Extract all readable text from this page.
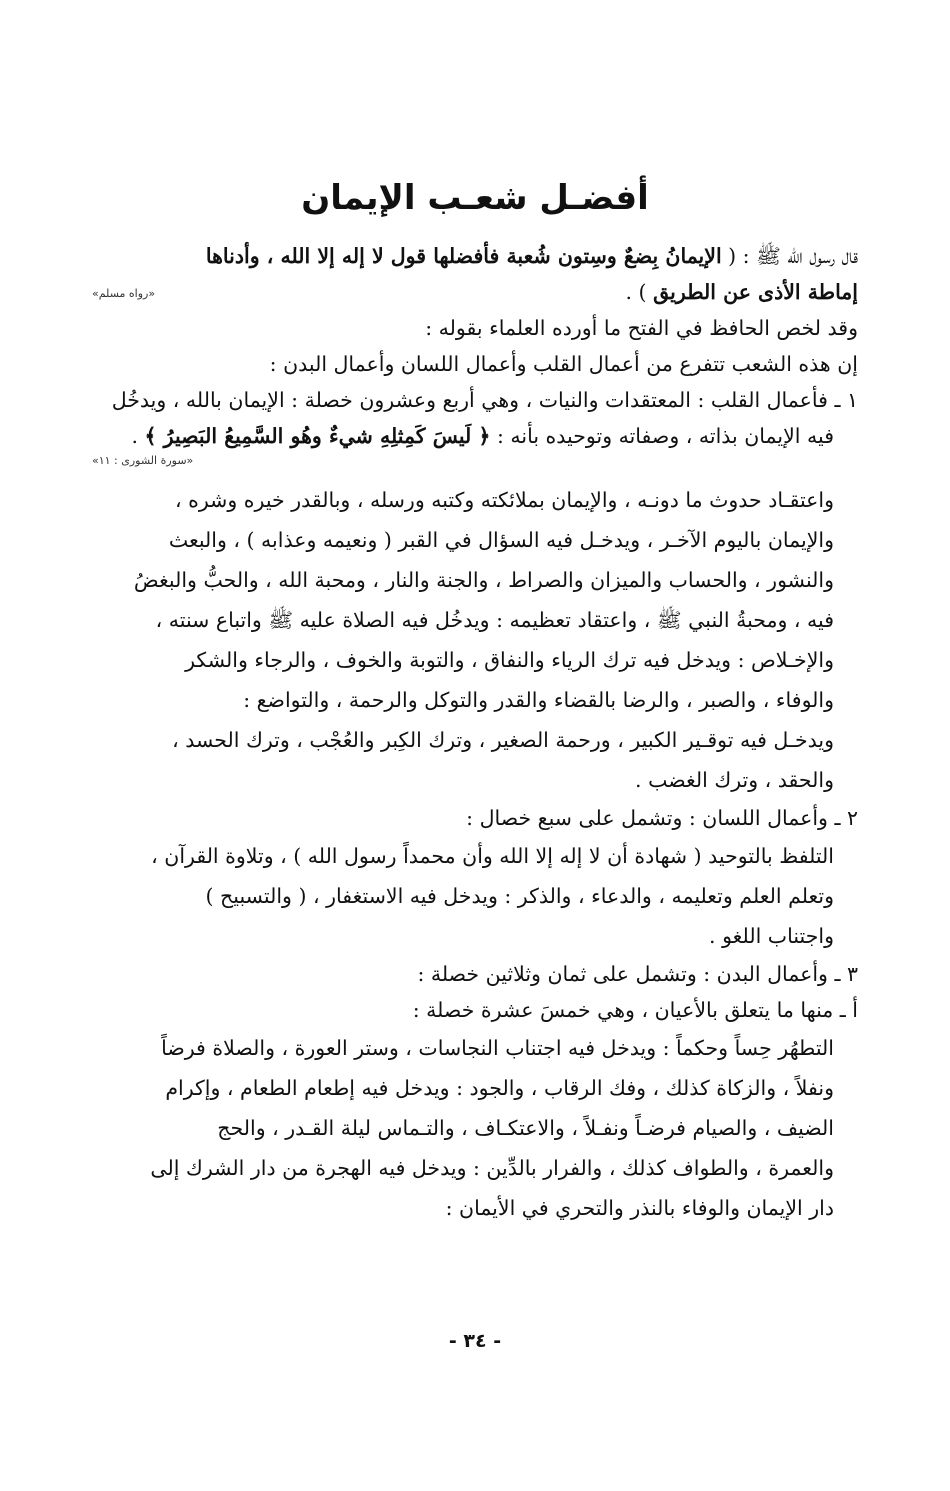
أفضـل شعـب الإيمان
قال رسول الله ﷺ : ( الإيمانُ بِضعٌ وسِتون شُعبة فأفضلها قول لا إله إلا الله ، وأدناها
إماطة الأذى عن الطريق ) .
«رواه مسلم»
وقد لخص الحافظ في الفتح ما أورده العلماء بقوله :
إن هذه الشعب تتفرع من أعمال القلب وأعمال اللسان وأعمال البدن :
١ ـ فأعمال القلب : المعتقدات والنيات ، وهي أربع وعشرون خصلة : الإيمان بالله ، ويدخُل
فيه الإيمان بذاته ، وصفاته وتوحيده بأنه : ﴿ لَيسَ كَمِثلِهِ شيءٌ وهُو السَّمِيعُ البَصِيرُ ﴾ .
«سورة الشورى : ١١»
واعتقـاد حدوث ما دونـه ، والإيمان بملائكته وكتبه ورسله ، وبالقدر خيره وشره ،
والإيمان باليوم الآخـر ، ويدخـل فيه السؤال في القبر ( ونعيمه وعذابه ) ، والبعث
والنشور ، والحساب والميزان والصراط ، والجنة والنار ، ومحبة الله ، والحبُّ والبغضُ
فيه ، ومحبةُ النبي ﷺ ، واعتقاد تعظيمه : ويدخُل فيه الصلاة عليه ﷺ واتباع سنته ،
والإخـلاص : ويدخل فيه ترك الرياء والنفاق ، والتوبة والخوف ، والرجاء والشكر
والوفاء ، والصبر ، والرضا بالقضاء والقدر والتوكل والرحمة ، والتواضع :
ويدخـل فيه توقـير الكبير ، ورحمة الصغير ، وترك الكِبر والعُجْب ، وترك الحسد ،
والحقد ، وترك الغضب .
٢ ـ وأعمال اللسان : وتشمل على سبع خصال :
التلفظ بالتوحيد ( شهادة أن لا إله إلا الله وأن محمداً رسول الله ) ، وتلاوة القرآن ،
وتعلم العلم وتعليمه ، والدعاء ، والذكر : ويدخل فيه الاستغفار ، ( والتسبيح )
واجتناب اللغو .
٣ ـ وأعمال البدن : وتشمل على ثمان وثلاثين خصلة :
أ ـ منها ما يتعلق بالأعيان ، وهي خمسَ عشرة خصلة :
التطهُر حِساً وحكماً : ويدخل فيه اجتناب النجاسات ، وستر العورة ، والصلاة فرضاً
ونفلاً ، والزكاة كذلك ، وفك الرقاب ، والجود : ويدخل فيه إطعام الطعام ، وإكرام
الضيف ، والصيام فرضـاً ونفـلاً ، والاعتكـاف ، والتـماس ليلة القـدر ، والحج
والعمرة ، والطواف كذلك ، والفرار بالدِّين : ويدخل فيه الهجرة من دار الشرك إلى
دار الإيمان والوفاء بالنذر والتحري في الأيمان :
- ٣٤ -
